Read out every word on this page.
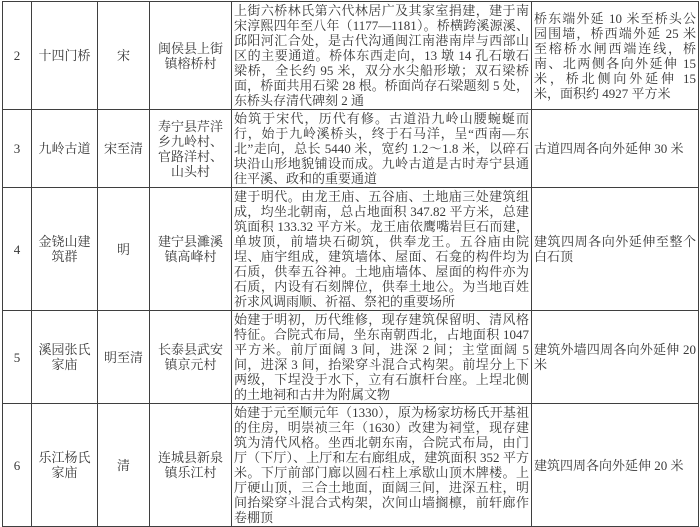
2	十四门桥	宋	闽侯县上街镇榕桥村	上街六桥林氏第六代林居广及其家室捐建，建于南宋淳熙四年至八年（1177—1181）。桥横跨溪源溪、邱阳河汇合处，是古代沟通闽江南港南岸与西部山区的主要通道。桥体东西走向，13 墩 14 孔石墩石梁桥，全长约 95 米，双分水尖船形墩；双石梁桥面，桥面共用石梁 28 根。桥面尚存石梁题刻 5 处，东桥头存清代碑刻 2 通	桥东端外延 10 米至桥头公园围墙，桥西端外延 25 米至榕桥水闸西端连线，桥南、北两侧各向外延伸 15 米，桥北侧向外延伸 15 米，面积约 4927 平方米
3	九岭古道	宋至清	寿宁县芹洋乡九岭村、官路洋村、山头村	始筑于宋代，历代有修。古道沿九岭山腰蜿蜒而行，始于九岭溪桥头，终于石马洋，呈“西南—东北”走向，总长 5440 米，宽约 1.2～1.8 米，以碎石块沿山形地貌铺设而成。九岭古道是古时寿宁县通往平溪、政和的重要通道	古道四周各向外延伸 30 米
4	金铙山建筑群	明	建宁县濉溪镇高峰村	建于明代。由龙王庙、五谷庙、土地庙三处建筑组成，均坐北朝南，总占地面积 347.82 平方米，总建筑面积 133.32 平方米。龙王庙依鹰嘴岩巨石而建，单坡顶，前墙块石砌筑，供奉龙王。五谷庙由院埕、庙宇组成，建筑墙体、屋面、石龛的构件均为石质，供奉五谷神。土地庙墙体、屋面的构件亦为石质，内设有石刻牌位，供奉土地公。为当地百姓祈求风调雨顺、祈福、祭祀的重要场所	建筑四周各向外延伸至整个白石顶
5	溪园张氏家庙	明至清	长泰县武安镇京元村	始建于明初，历代维修，现存建筑保留明、清风格特征。合院式布局，坐东南朝西北，占地面积 1047 平方米。前厅面阔 3 间，进深 2 间；主堂面阔 5 间，进深 3 间，抬梁穿斗混合式构架。前埕分上下两级，下埕没于水下，立有石旗杆台座。上埕北侧的土地祠和古井为附属文物	建筑外墙四周各向外延伸 20 米
6	乐江杨氏家庙	清	连城县新泉镇乐江村	始建于元至顺元年（1330），原为杨家坊杨氏开基祖的住房，明崇祯三年（1630）改建为祠堂，现存建筑为清代风格。坐西北朝东南，合院式布局，由门厅（下厅）、上厅和左右廊组成，建筑面积 352 平方米。下厅前部门廊以圆石柱上承歇山顶木牌楼。上厅硬山顶，三合土地面，面阔三间，进深五柱，明间抬梁穿斗混合式构架，次间山墙搁檩，前轩廊作卷棚顶	建筑四周各向外延伸 20 米
